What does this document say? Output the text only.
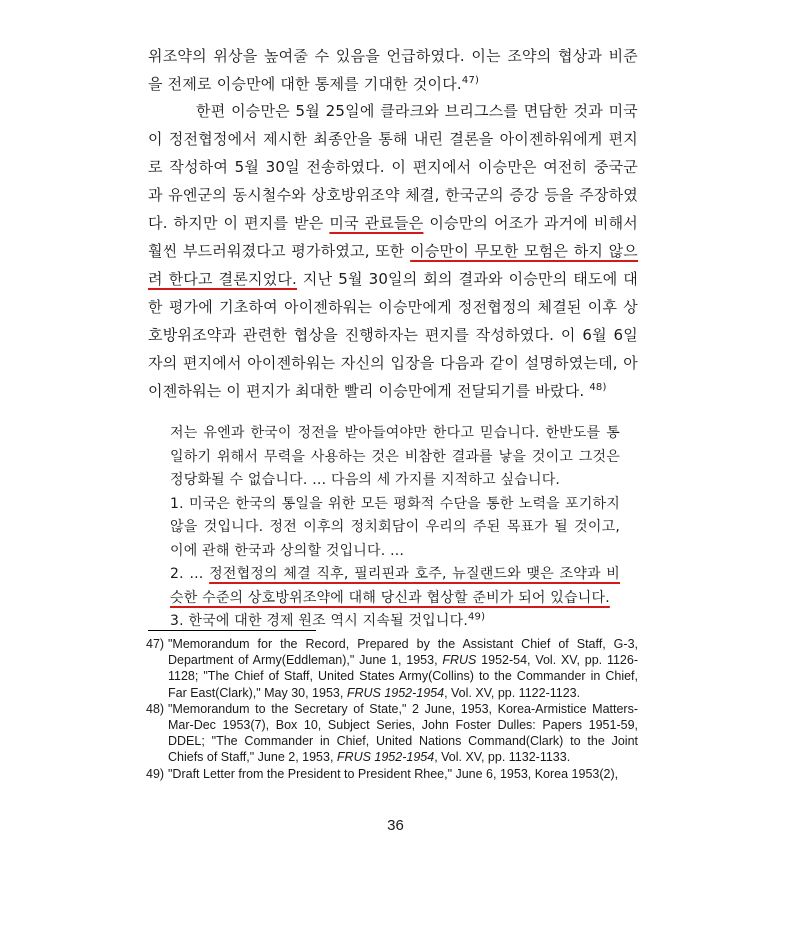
위조약의 위상을 높여줄 수 있음을 언급하였다. 이는 조약의 협상과 비준을 전제로 이승만에 대한 통제를 기대한 것이다.$^{47)}$
한편 이승만은 5월 25일에 클라크와 브리그스를 면담한 것과 미국이 정전협정에서 제시한 최종안을 통해 내린 결론을 아이젠하워에게 편지로 작성하여 5월 30일 전송하였다. 이 편지에서 이승만은 여전히 중국군과 유엔군의 동시철수와 상호방위조약 체결, 한국군의 증강 등을 주장하였다. 하지만 이 편지를 받은 미국 관료들은 이승만의 어조가 과거에 비해서 훨씬 부드러워졌다고 평가하였고, 또한 이승만이 무모한 모험은 하지 않으려 한다고 결론지었다. 지난 5월 30일의 회의 결과와 이승만의 태도에 대한 평가에 기초하여 아이젠하워는 이승만에게 정전협정의 체결된 이후 상호방위조약과 관련한 협상을 진행하자는 편지를 작성하였다. 이 6월 6일자의 편지에서 아이젠하워는 자신의 입장을 다음과 같이 설명하였는데, 아이젠하워는 이 편지가 최대한 빨리 이승만에게 전달되기를 바랐다. $^{48)}$
저는 유엔과 한국이 정전을 받아들여야만 한다고 믿습니다. 한반도를 통일하기 위해서 무력을 사용하는 것은 비참한 결과를 낳을 것이고 그것은 정당화될 수 없습니다. … 다음의 세 가지를 지적하고 싶습니다.
1. 미국은 한국의 통일을 위한 모든 평화적 수단을 통한 노력을 포기하지 않을 것입니다. 정전 이후의 정치회담이 우리의 주된 목표가 될 것이고, 이에 관해 한국과 상의할 것입니다. …
2. … 정전협정의 체결 직후, 필리핀과 호주, 뉴질랜드와 맺은 조약과 비슷한 수준의 상호방위조약에 대해 당신과 협상할 준비가 되어 있습니다.
3. 한국에 대한 경제 원조 역시 지속될 것입니다.$^{49)}$
47) "Memorandum for the Record, Prepared by the Assistant Chief of Staff, G-3, Department of Army(Eddleman)," June 1, 1953, FRUS 1952-54, Vol. XV, pp. 1126-1128; "The Chief of Staff, United States Army(Collins) to the Commander in Chief, Far East(Clark)," May 30, 1953, FRUS 1952-1954, Vol. XV, pp. 1122-1123.
48) "Memorandum to the Secretary of State," 2 June, 1953, Korea-Armistice Matters-Mar-Dec 1953(7), Box 10, Subject Series, John Foster Dulles: Papers 1951-59, DDEL; "The Commander in Chief, United Nations Command(Clark) to the Joint Chiefs of Staff," June 2, 1953, FRUS 1952-1954, Vol. XV, pp. 1132-1133.
49) "Draft Letter from the President to President Rhee," June 6, 1953, Korea 1953(2),
36
